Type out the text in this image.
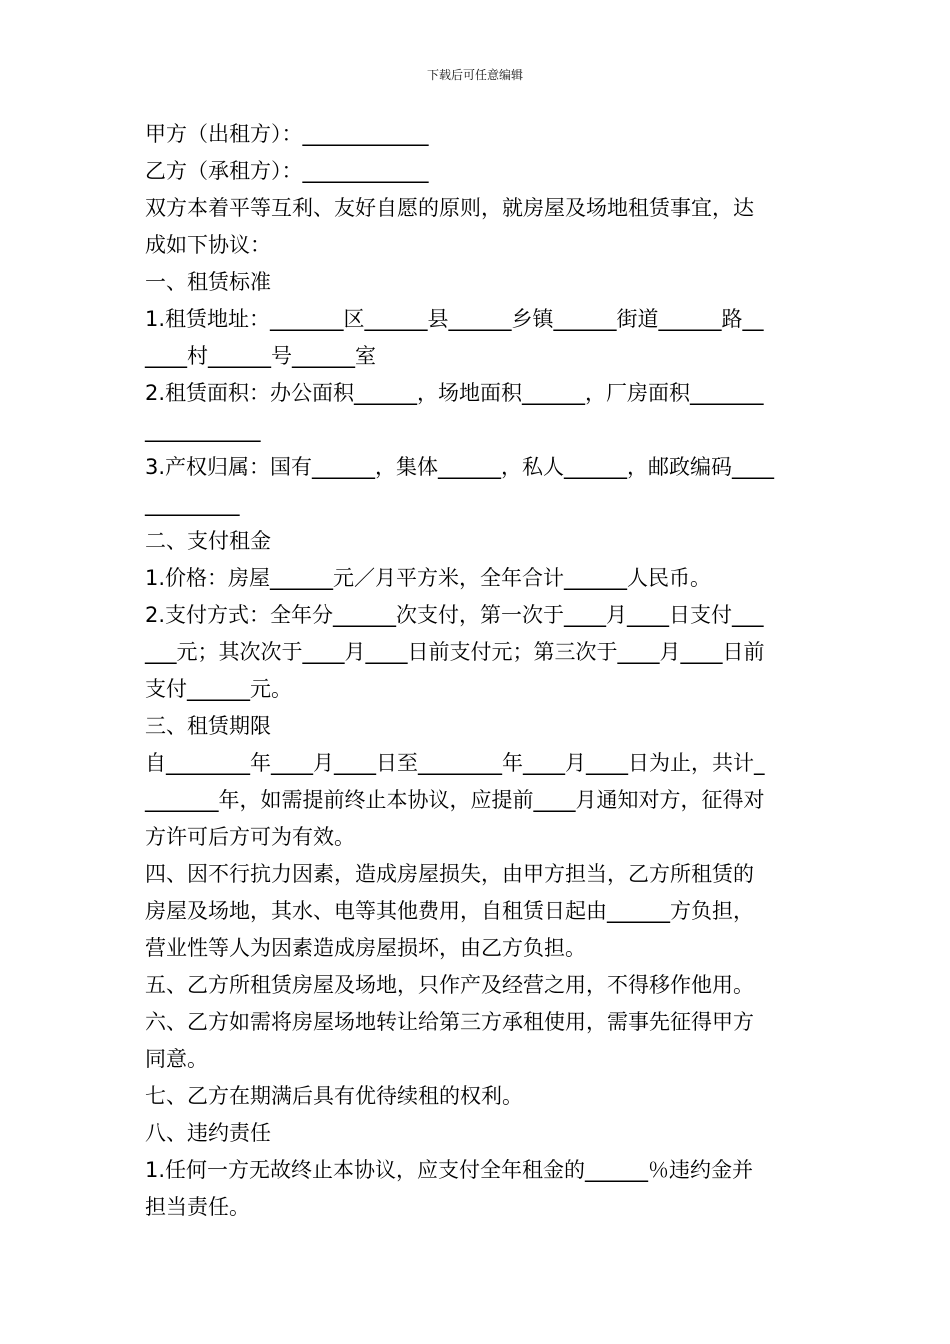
下载后可任意编辑
甲方（出租方）：____________
乙方（承租方）：____________
双方本着平等互利、友好自愿的原则，就房屋及场地租赁事宜，达
成如下协议：
一、租赁标准
1.租赁地址：_______区______县______乡镇______街道______路__
____村______号______室
2.租赁面积：办公面积______，场地面积______，厂房面积_______
___________
3.产权归属：国有______，集体______，私人______，邮政编码____
_________
二、支付租金
1.价格：房屋______元／月平方米，全年合计______人民币。
2.支付方式：全年分______次支付，第一次于____月____日支付___
___元；其次次于____月____日前支付元；第三次于____月____日前
支付______元。
三、租赁期限
自________年____月____日至________年____月____日为止，共计_
_______年，如需提前终止本协议，应提前____月通知对方，征得对
方许可后方可为有效。
四、因不行抗力因素，造成房屋损失，由甲方担当，乙方所租赁的
房屋及场地，其水、电等其他费用，自租赁日起由______方负担，
营业性等人为因素造成房屋损坏，由乙方负担。
五、乙方所租赁房屋及场地，只作产及经营之用，不得移作他用。
六、乙方如需将房屋场地转让给第三方承租使用，需事先征得甲方
同意。
七、乙方在期满后具有优待续租的权利。
八、违约责任
1.任何一方无故终止本协议，应支付全年租金的______％违约金并
担当责任。
